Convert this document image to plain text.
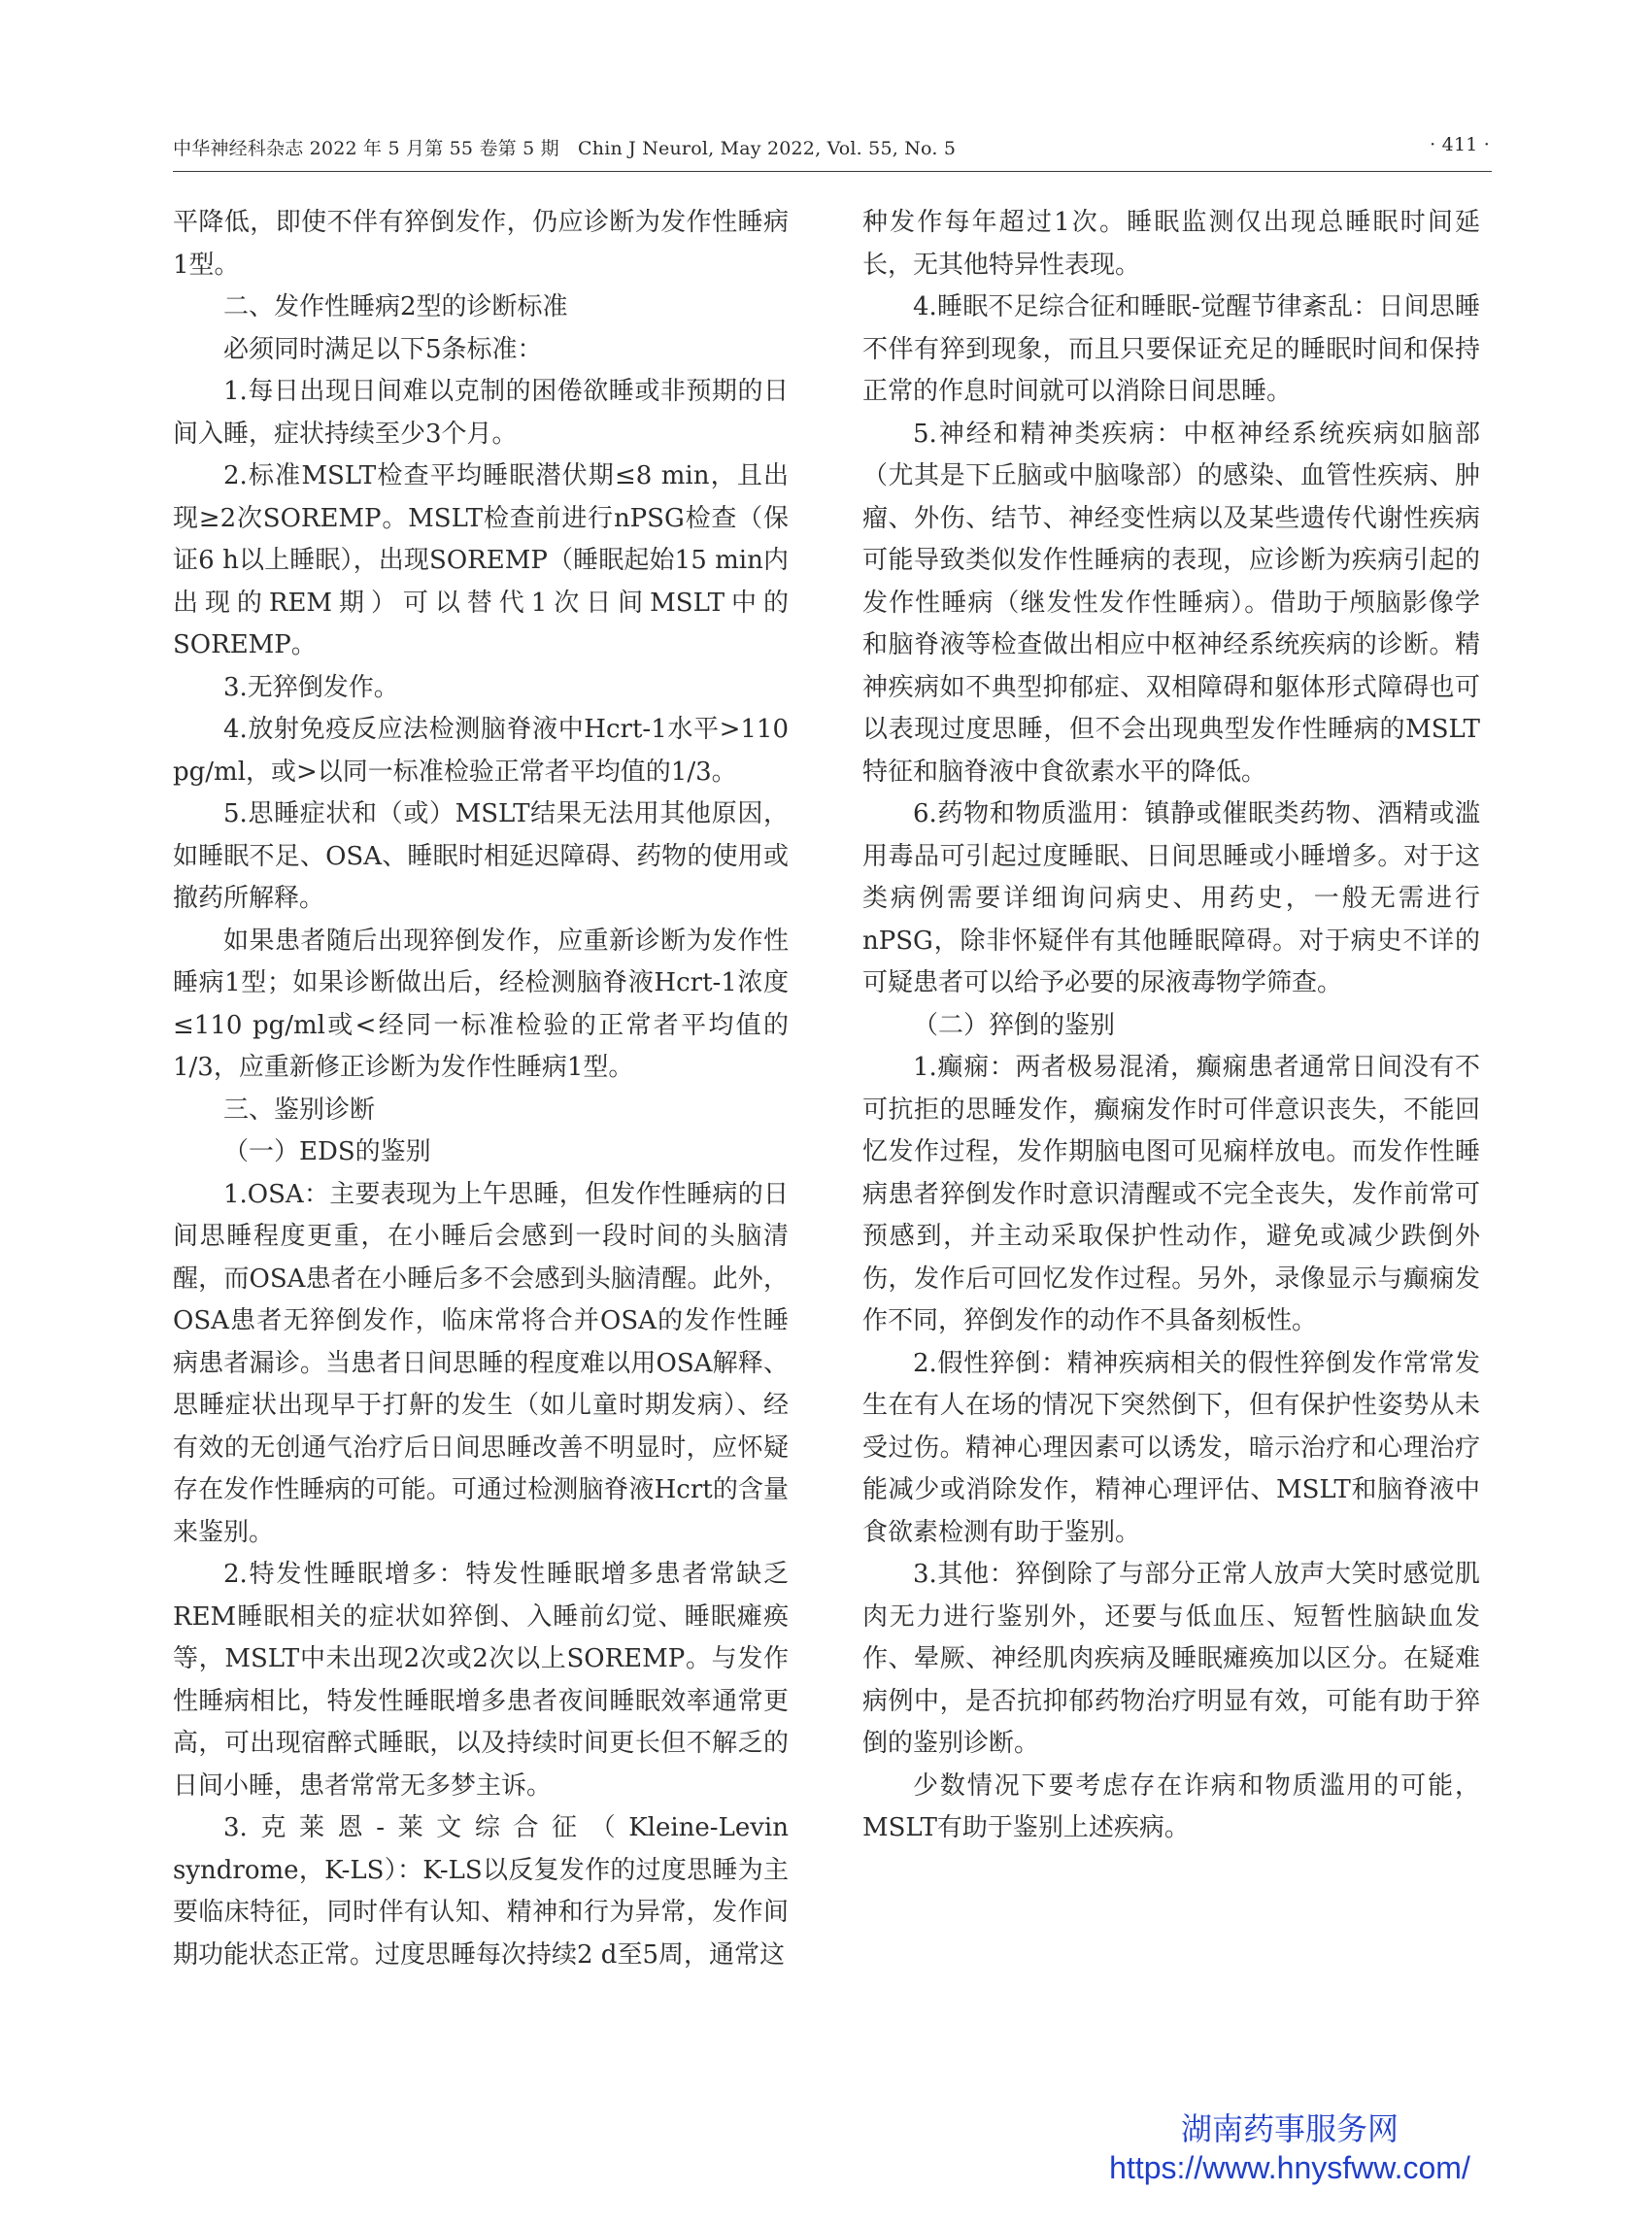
中华神经科杂志 2022 年 5 月第 55 卷第 5 期　Chin J Neurol, May 2022, Vol. 55, No. 5	· 411 ·

平降低，即使不伴有猝倒发作，仍应诊断为发作性睡病1型。

二、发作性睡病2型的诊断标准

必须同时满足以下5条标准：

1.每日出现日间难以克制的困倦欲睡或非预期的日间入睡，症状持续至少3个月。

2.标准MSLT检查平均睡眠潜伏期≤8 min，且出现≥2次SOREMP。MSLT检查前进行nPSG检查（保证6 h以上睡眠），出现SOREMP（睡眠起始15 min内出现的REM期）可以替代1次日间MSLT中的SOREMP。

3.无猝倒发作。

4.放射免疫反应法检测脑脊液中Hcrt-1水平>110 pg/ml，或>以同一标准检验正常者平均值的1/3。

5.思睡症状和（或）MSLT结果无法用其他原因，如睡眠不足、OSA、睡眠时相延迟障碍、药物的使用或撤药所解释。

如果患者随后出现猝倒发作，应重新诊断为发作性睡病1型；如果诊断做出后，经检测脑脊液Hcrt-1浓度≤110 pg/ml或<经同一标准检验的正常者平均值的1/3，应重新修正诊断为发作性睡病1型。

三、鉴别诊断

（一）EDS的鉴别

1.OSA：主要表现为上午思睡，但发作性睡病的日间思睡程度更重，在小睡后会感到一段时间的头脑清醒，而OSA患者在小睡后多不会感到头脑清醒。此外，OSA患者无猝倒发作，临床常将合并OSA的发作性睡病患者漏诊。当患者日间思睡的程度难以用OSA解释、思睡症状出现早于打鼾的发生（如儿童时期发病）、经有效的无创通气治疗后日间思睡改善不明显时，应怀疑存在发作性睡病的可能。可通过检测脑脊液Hcrt的含量来鉴别。

2.特发性睡眠增多：特发性睡眠增多患者常缺乏REM睡眠相关的症状如猝倒、入睡前幻觉、睡眠瘫痪等，MSLT中未出现2次或2次以上SOREMP。与发作性睡病相比，特发性睡眠增多患者夜间睡眠效率通常更高，可出现宿醉式睡眠，以及持续时间更长但不解乏的日间小睡，患者常常无多梦主诉。

3.克莱恩-莱文综合征（Kleine-Levin syndrome，K-LS）：K-LS以反复发作的过度思睡为主要临床特征，同时伴有认知、精神和行为异常，发作间期功能状态正常。过度思睡每次持续2 d至5周，通常这

种发作每年超过1次。睡眠监测仅出现总睡眠时间延长，无其他特异性表现。

4.睡眠不足综合征和睡眠-觉醒节律紊乱：日间思睡不伴有猝到现象，而且只要保证充足的睡眠时间和保持正常的作息时间就可以消除日间思睡。

5.神经和精神类疾病：中枢神经系统疾病如脑部（尤其是下丘脑或中脑喙部）的感染、血管性疾病、肿瘤、外伤、结节、神经变性病以及某些遗传代谢性疾病可能导致类似发作性睡病的表现，应诊断为疾病引起的发作性睡病（继发性发作性睡病）。借助于颅脑影像学和脑脊液等检查做出相应中枢神经系统疾病的诊断。精神疾病如不典型抑郁症、双相障碍和躯体形式障碍也可以表现过度思睡，但不会出现典型发作性睡病的MSLT特征和脑脊液中食欲素水平的降低。

6.药物和物质滥用：镇静或催眠类药物、酒精或滥用毒品可引起过度睡眠、日间思睡或小睡增多。对于这类病例需要详细询问病史、用药史，一般无需进行nPSG，除非怀疑伴有其他睡眠障碍。对于病史不详的可疑患者可以给予必要的尿液毒物学筛查。

（二）猝倒的鉴别

1.癫痫：两者极易混淆，癫痫患者通常日间没有不可抗拒的思睡发作，癫痫发作时可伴意识丧失，不能回忆发作过程，发作期脑电图可见痫样放电。而发作性睡病患者猝倒发作时意识清醒或不完全丧失，发作前常可预感到，并主动采取保护性动作，避免或减少跌倒外伤，发作后可回忆发作过程。另外，录像显示与癫痫发作不同，猝倒发作的动作不具备刻板性。

2.假性猝倒：精神疾病相关的假性猝倒发作常常发生在有人在场的情况下突然倒下，但有保护性姿势从未受过伤。精神心理因素可以诱发，暗示治疗和心理治疗能减少或消除发作，精神心理评估、MSLT和脑脊液中食欲素检测有助于鉴别。

3.其他：猝倒除了与部分正常人放声大笑时感觉肌肉无力进行鉴别外，还要与低血压、短暂性脑缺血发作、晕厥、神经肌肉疾病及睡眠瘫痪加以区分。在疑难病例中，是否抗抑郁药物治疗明显有效，可能有助于猝倒的鉴别诊断。

少数情况下要考虑存在诈病和物质滥用的可能，MSLT有助于鉴别上述疾病。

湖南药事服务网
https://www.hnysfww.com/
